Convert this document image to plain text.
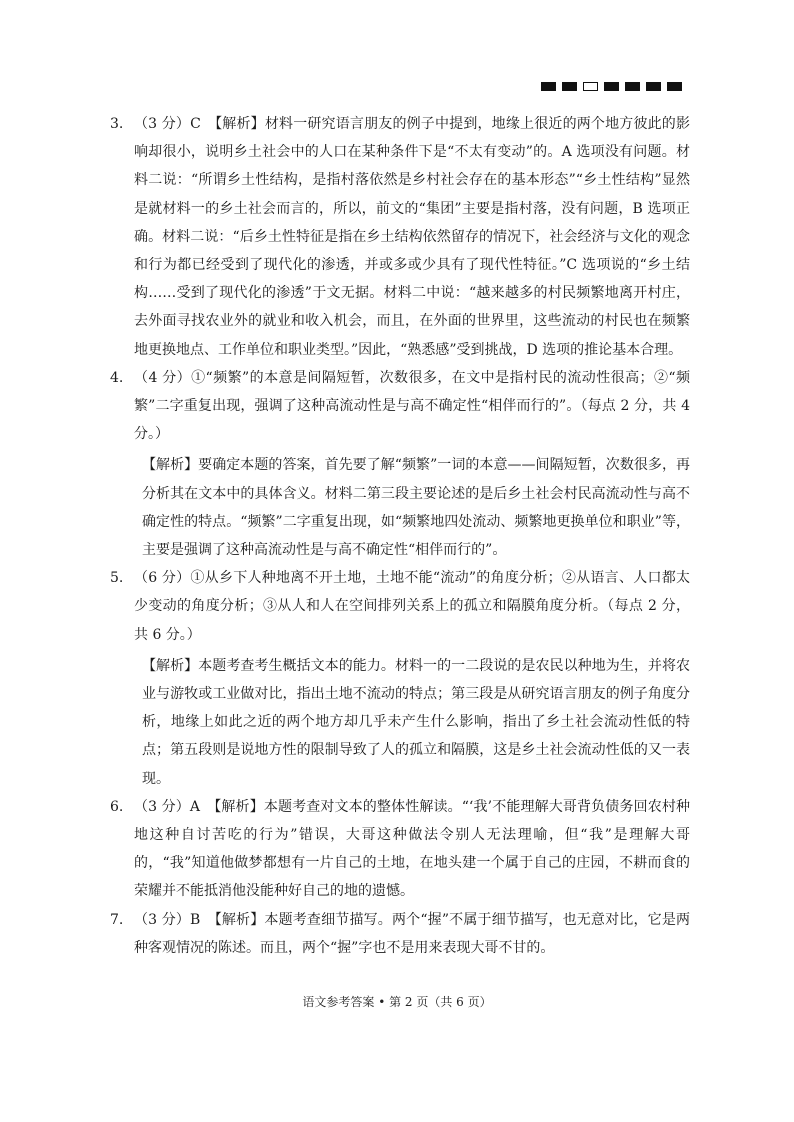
3. （3 分）C　【解析】材料一研究语言朋友的例子中提到，地缘上很近的两个地方彼此的影响却很小，说明乡土社会中的人口在某种条件下是“不太有变动”的。A 选项没有问题。材料二说：“所谓乡土性结构，是指村落依然是乡村社会存在的基本形态”“乡土性结构”显然是就材料一的乡土社会而言的，所以，前文的“集团”主要是指村落，没有问题，B 选项正确。材料二说：“后乡土性特征是指在乡土结构依然留存的情况下，社会经济与文化的观念和行为都已经受到了现代化的渗透，并或多或少具有了现代性特征。”C 选项说的“乡土结构……受到了现代化的渗透”于文无据。材料二中说：“越来越多的村民频繁地离开村庄，去外面寻找农业外的就业和收入机会，而且，在外面的世界里，这些流动的村民也在频繁地更换地点、工作单位和职业类型。”因此，“熟悉感”受到挑战，D 选项的推论基本合理。

4. （4 分）①“频繁”的本意是间隔短暂，次数很多，在文中是指村民的流动性很高；②“频繁”二字重复出现，强调了这种高流动性是与高不确定性“相伴而行的”。（每点 2 分，共 4 分。）

【解析】要确定本题的答案，首先要了解“频繁”一词的本意——间隔短暂，次数很多，再分析其在文本中的具体含义。材料二第三段主要论述的是后乡土社会村民高流动性与高不确定性的特点。“频繁”二字重复出现，如“频繁地四处流动、频繁地更换单位和职业”等，主要是强调了这种高流动性是与高不确定性“相伴而行的”。

5. （6 分）①从乡下人种地离不开土地，土地不能“流动”的角度分析；②从语言、人口都太少变动的角度分析；③从人和人在空间排列关系上的孤立和隔膜角度分析。（每点 2 分，共 6 分。）

【解析】本题考查考生概括文本的能力。材料一的一二段说的是农民以种地为生，并将农业与游牧或工业做对比，指出土地不流动的特点；第三段是从研究语言朋友的例子角度分析，地缘上如此之近的两个地方却几乎未产生什么影响，指出了乡土社会流动性低的特点；第五段则是说地方性的限制导致了人的孤立和隔膜，这是乡土社会流动性低的又一表现。

6. （3 分）A　【解析】本题考查对文本的整体性解读。“‘我’不能理解大哥背负债务回农村种地这种自讨苦吃的行为”错误，大哥这种做法令别人无法理喻，但“我”是理解大哥的，“我”知道他做梦都想有一片自己的土地，在地头建一个属于自己的庄园，不耕而食的荣耀并不能抵消他没能种好自己的地的遗憾。

7. （3 分）B　【解析】本题考查细节描写。两个“握”不属于细节描写，也无意对比，它是两种客观情况的陈述。而且，两个“握”字也不是用来表现大哥不甘的。

语文参考答案 • 第 2 页（共 6 页）
